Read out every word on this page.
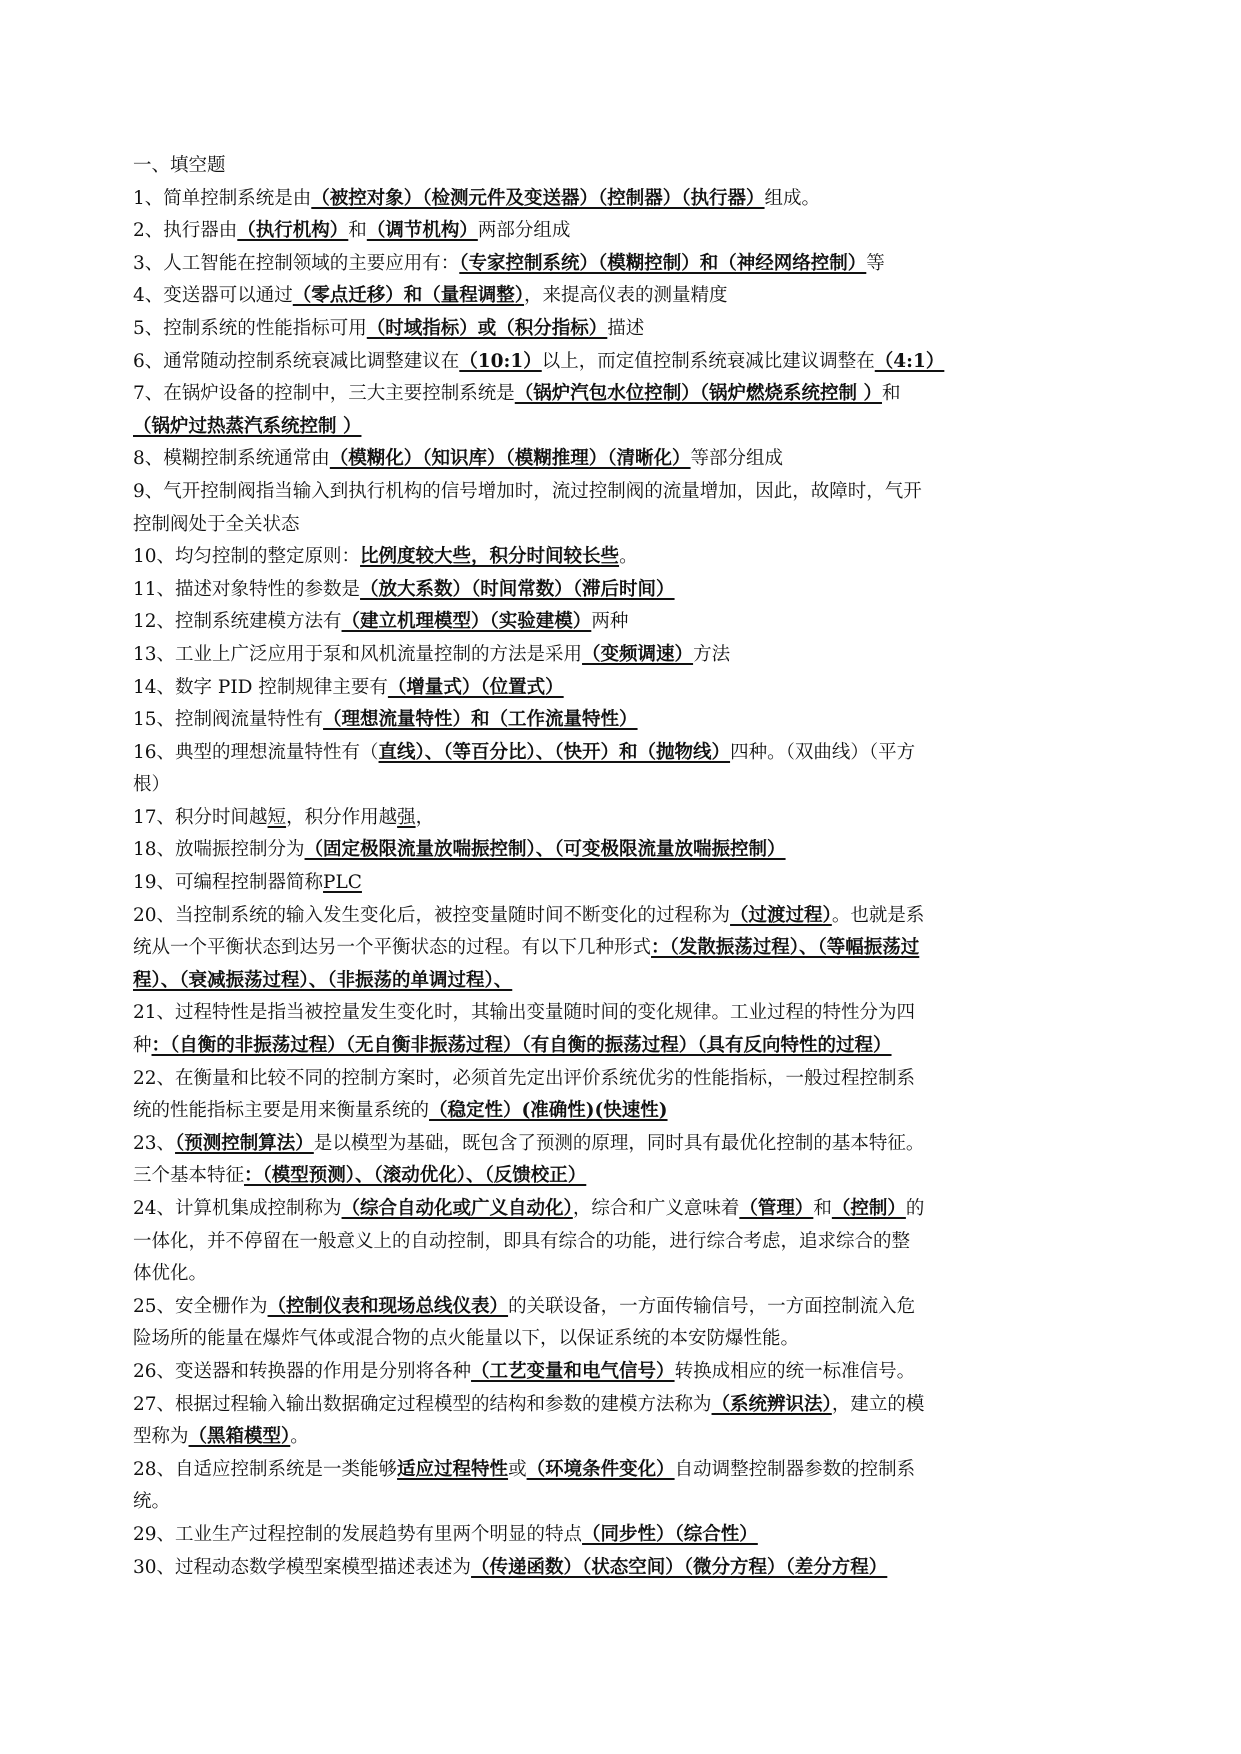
一、填空题
1、简单控制系统是由（被控对象）（检测元件及变送器）（控制器）（执行器）组成。
2、执行器由（执行机构）和（调节机构）两部分组成
3、人工智能在控制领域的主要应用有：（专家控制系统）（模糊控制）和（神经网络控制）等
4、变送器可以通过（零点迁移）和（量程调整），来提高仪表的测量精度
5、控制系统的性能指标可用（时域指标）或（积分指标）描述
6、通常随动控制系统衰减比调整建议在（10:1）以上，而定值控制系统衰减比建议调整在（4:1）
7、在锅炉设备的控制中，三大主要控制系统是（锅炉汽包水位控制）（锅炉燃烧系统控制 ）和
（锅炉过热蒸汽系统控制 ）
8、模糊控制系统通常由（模糊化）（知识库）（模糊推理）（清晰化）等部分组成
9、气开控制阀指当输入到执行机构的信号增加时，流过控制阀的流量增加，因此，故障时，气开
控制阀处于全关状态
10、均匀控制的整定原则：比例度较大些，积分时间较长些。
11、描述对象特性的参数是（放大系数）（时间常数）（滞后时间）
12、控制系统建模方法有（建立机理模型）（实验建模）两种
13、工业上广泛应用于泵和风机流量控制的方法是采用（变频调速）方法
14、数字 PID 控制规律主要有（增量式）（位置式）
15、控制阀流量特性有（理想流量特性）和（工作流量特性）
16、典型的理想流量特性有（直线）、（等百分比）、（快开）和（抛物线）四种。（双曲线）（平方
根）
17、积分时间越短，积分作用越强，
18、放喘振控制分为（固定极限流量放喘振控制）、（可变极限流量放喘振控制）
19、可编程控制器简称PLC
20、当控制系统的输入发生变化后，被控变量随时间不断变化的过程称为（过渡过程）。也就是系
统从一个平衡状态到达另一个平衡状态的过程。有以下几种形式：（发散振荡过程）、（等幅振荡过
程）、（衰减振荡过程）、（非振荡的单调过程）、
21、过程特性是指当被控量发生变化时，其输出变量随时间的变化规律。工业过程的特性分为四
种：（自衡的非振荡过程）（无自衡非振荡过程）（有自衡的振荡过程）（具有反向特性的过程）
22、在衡量和比较不同的控制方案时，必须首先定出评价系统优劣的性能指标，一般过程控制系
统的性能指标主要是用来衡量系统的（稳定性）(准确性)(快速性)
23、（预测控制算法）是以模型为基础，既包含了预测的原理，同时具有最优化控制的基本特征。
三个基本特征：（模型预测）、（滚动优化）、（反馈校正）
24、计算机集成控制称为（综合自动化或广义自动化），综合和广义意味着（管理）和（控制）的
一体化，并不停留在一般意义上的自动控制，即具有综合的功能，进行综合考虑，追求综合的整
体优化。
25、安全栅作为（控制仪表和现场总线仪表）的关联设备，一方面传输信号，一方面控制流入危
险场所的能量在爆炸气体或混合物的点火能量以下，以保证系统的本安防爆性能。
26、变送器和转换器的作用是分别将各种（工艺变量和电气信号）转换成相应的统一标准信号。
27、根据过程输入输出数据确定过程模型的结构和参数的建模方法称为（系统辨识法），建立的模
型称为（黑箱模型）。
28、自适应控制系统是一类能够适应过程特性或（环境条件变化）自动调整控制器参数的控制系
统。
29、工业生产过程控制的发展趋势有里两个明显的特点（同步性）（综合性）
30、过程动态数学模型案模型描述表述为（传递函数）（状态空间）（微分方程）（差分方程）
